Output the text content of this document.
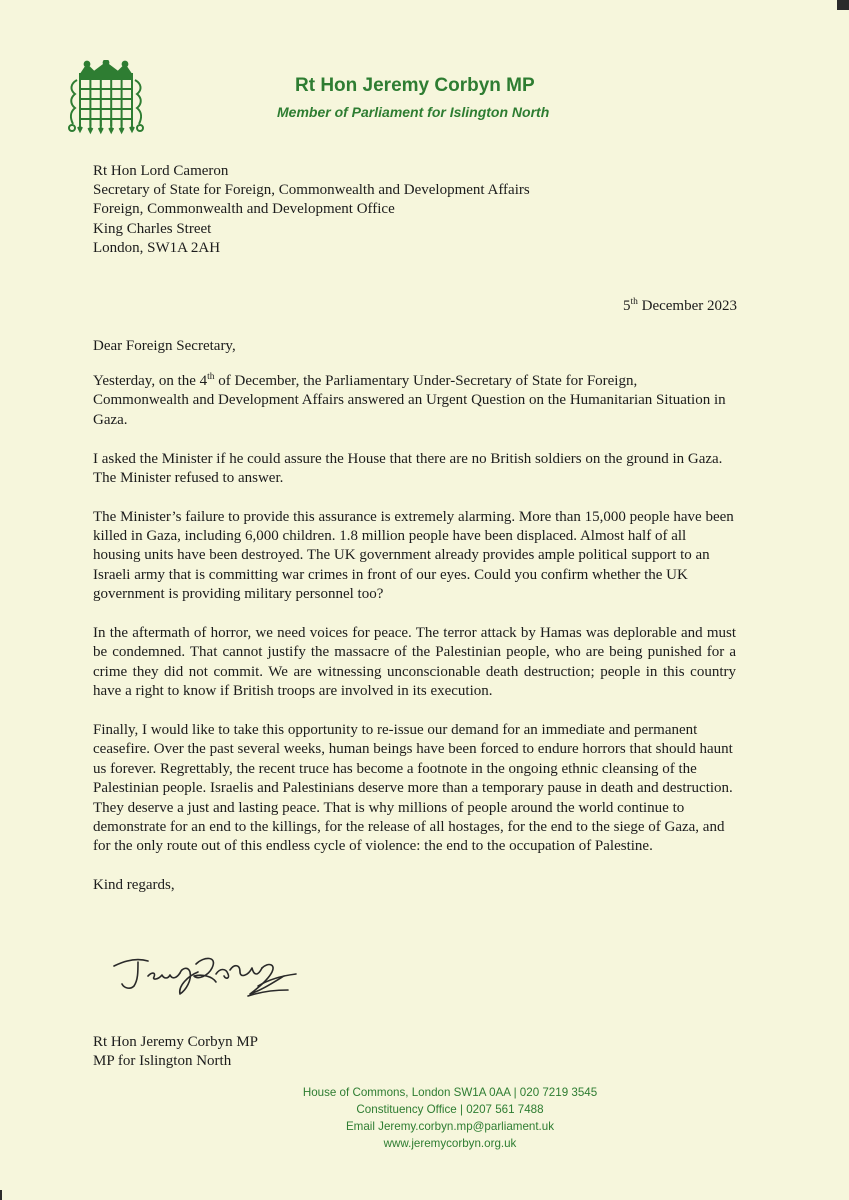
Rt Hon Jeremy Corbyn MP
Member of Parliament for Islington North
Rt Hon Lord Cameron
Secretary of State for Foreign, Commonwealth and Development Affairs
Foreign, Commonwealth and Development Office
King Charles Street
London, SW1A 2AH
5th December 2023
Dear Foreign Secretary,

Yesterday, on the 4th of December, the Parliamentary Under-Secretary of State for Foreign, Commonwealth and Development Affairs answered an Urgent Question on the Humanitarian Situation in Gaza.

I asked the Minister if he could assure the House that there are no British soldiers on the ground in Gaza. The Minister refused to answer.

The Minister’s failure to provide this assurance is extremely alarming. More than 15,000 people have been killed in Gaza, including 6,000 children. 1.8 million people have been displaced. Almost half of all housing units have been destroyed. The UK government already provides ample political support to an Israeli army that is committing war crimes in front of our eyes. Could you confirm whether the UK government is providing military personnel too?

In the aftermath of horror, we need voices for peace. The terror attack by Hamas was deplorable and must be condemned. That cannot justify the massacre of the Palestinian people, who are being punished for a crime they did not commit. We are witnessing unconscionable death destruction; people in this country have a right to know if British troops are involved in its execution.

Finally, I would like to take this opportunity to re-issue our demand for an immediate and permanent ceasefire. Over the past several weeks, human beings have been forced to endure horrors that should haunt us forever. Regrettably, the recent truce has become a footnote in the ongoing ethnic cleansing of the Palestinian people. Israelis and Palestinians deserve more than a temporary pause in death and destruction. They deserve a just and lasting peace. That is why millions of people around the world continue to demonstrate for an end to the killings, for the release of all hostages, for the end to the siege of Gaza, and for the only route out of this endless cycle of violence: the end to the occupation of Palestine.

Kind regards,

Rt Hon Jeremy Corbyn MP
MP for Islington North
House of Commons, London SW1A 0AA | 020 7219 3545
Constituency Office | 0207 561 7488
Email Jeremy.corbyn.mp@parliament.uk
www.jeremycorbyn.org.uk
